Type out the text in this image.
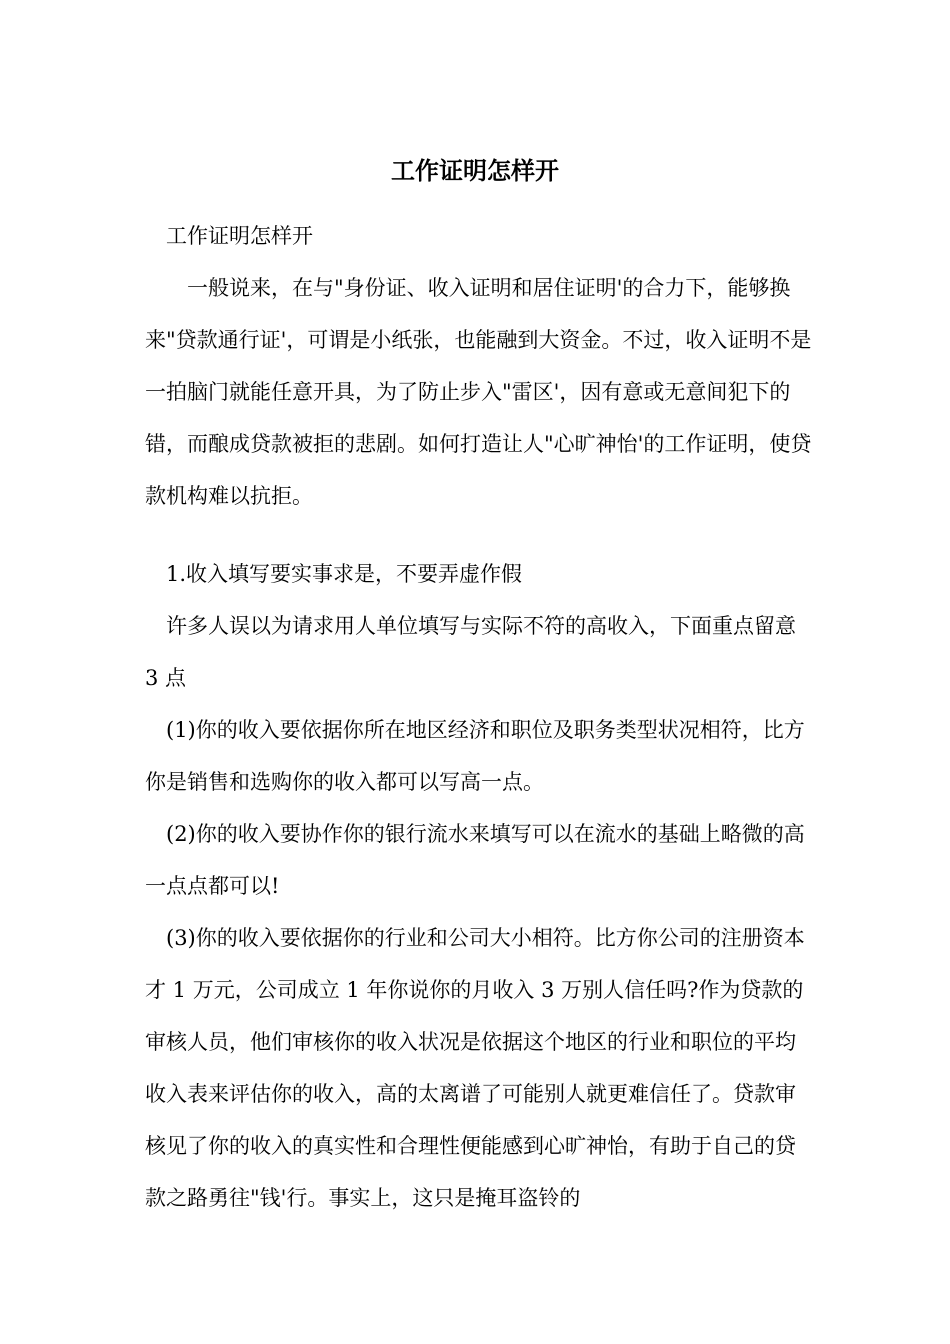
工作证明怎样开

工作证明怎样开

一般说来，在与"身份证、收入证明和居住证明'的合力下，能够换来"贷款通行证'，可谓是小纸张，也能融到大资金。不过，收入证明不是一拍脑门就能任意开具，为了防止步入"雷区'，因有意或无意间犯下的错，而酿成贷款被拒的悲剧。如何打造让人"心旷神怡'的工作证明，使贷款机构难以抗拒。

1.收入填写要实事求是，不要弄虚作假

许多人误以为请求用人单位填写与实际不符的高收入，下面重点留意 3 点

(1)你的收入要依据你所在地区经济和职位及职务类型状况相符，比方你是销售和选购你的收入都可以写高一点。

(2)你的收入要协作你的银行流水来填写可以在流水的基础上略微的高一点点都可以!

(3)你的收入要依据你的行业和公司大小相符。比方你公司的注册资本才 1 万元，公司成立 1 年你说你的月收入 3 万别人信任吗?作为贷款的审核人员，他们审核你的收入状况是依据这个地区的行业和职位的平均收入表来评估你的收入，高的太离谱了可能别人就更难信任了。贷款审核见了你的收入的真实性和合理性便能感到心旷神怡，有助于自己的贷款之路勇往"钱'行。事实上，这只是掩耳盗铃的
